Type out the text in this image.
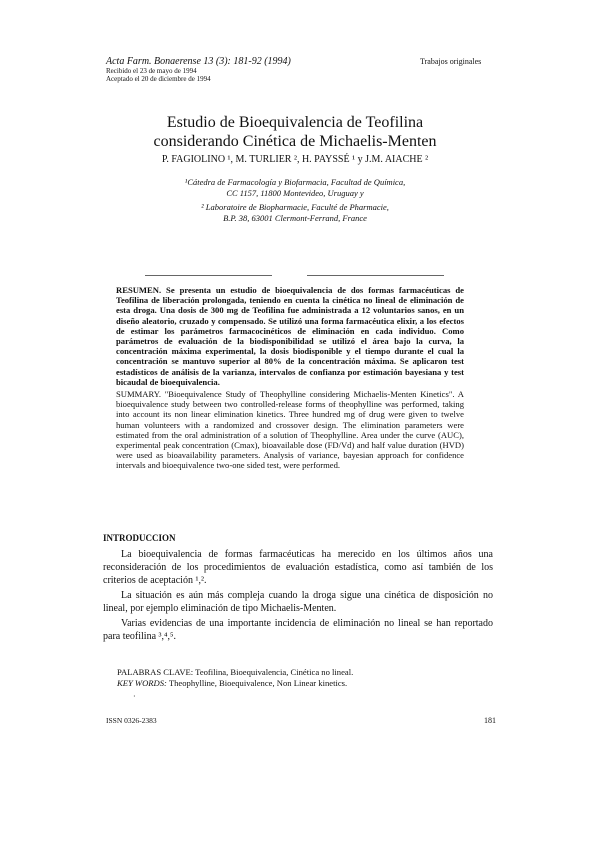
Acta Farm. Bonaerense 13 (3): 181-92 (1994)
Recibido el 23 de mayo de 1994
Aceptado el 20 de diciembre de 1994
Trabajos originales
Estudio de Bioequivalencia de Teofilina
considerando Cinética de Michaelis-Menten
P. FAGIOLINO ¹, M. TURLIER ², H. PAYSSÉ ¹ y J.M. AIACHE ²
¹Cátedra de Farmacología y Biofarmacia, Facultad de Química,
CC 1157, 11800 Montevideo, Uruguay y
² Laboratoire de Biopharmacie, Faculté de Pharmacie,
B.P. 38, 63001 Clermont-Ferrand, France
RESUMEN. Se presenta un estudio de bioequivalencia de dos formas farmacéuticas de Teofilina de liberación prolongada, teniendo en cuenta la cinética no lineal de eliminación de esta droga. Una dosis de 300 mg de Teofilina fue administrada a 12 voluntarios sanos, en un diseño aleatorio, cruzado y compensado. Se utilizó una forma farmacéutica elixir, a los efectos de estimar los parámetros farmacocinéticos de eliminación en cada individuo. Como parámetros de evaluación de la biodisponibilidad se utilizó el área bajo la curva, la concentración máxima experimental, la dosis biodisponible y el tiempo durante el cual la concentración se mantuvo superior al 80% de la concentración máxima. Se aplicaron test estadísticos de análisis de la varianza, intervalos de confianza por estimación bayesiana y test bicaudal de bioequivalencia.
SUMMARY. "Bioequivalence Study of Theophylline considering Michaelis-Menten Kinetics". A bioequivalence study between two controlled-release forms of theophylline was performed, taking into account its non linear elimination kinetics. Three hundred mg of drug were given to twelve human volunteers with a randomized and crossover design. The elimination parameters were estimated from the oral administration of a solution of Theophylline. Area under the curve (AUC), experimental peak concentration (Cmax), bioavailable dose (FD/Vd) and half value duration (HVD) were used as bioavailability parameters. Analysis of variance, bayesian approach for confidence intervals and bioequivalence two-one sided test, were performed.
INTRODUCCION

La bioequivalencia de formas farmacéuticas ha merecido en los últimos años una reconsideración de los procedimientos de evaluación estadística, como así también de los criterios de aceptación ¹,².

La situación es aún más compleja cuando la droga sigue una cinética de disposición no lineal, por ejemplo eliminación de tipo Michaelis-Menten.

Varias evidencias de una importante incidencia de eliminación no lineal se han reportado para teofilina ³,⁴,⁵.

PALABRAS CLAVE: Teofilina, Bioequivalencia, Cinética no lineal.
KEY WORDS: Theophylline, Bioequivalence, Non Linear kinetics.
·
ISSN 0326-2383	181
